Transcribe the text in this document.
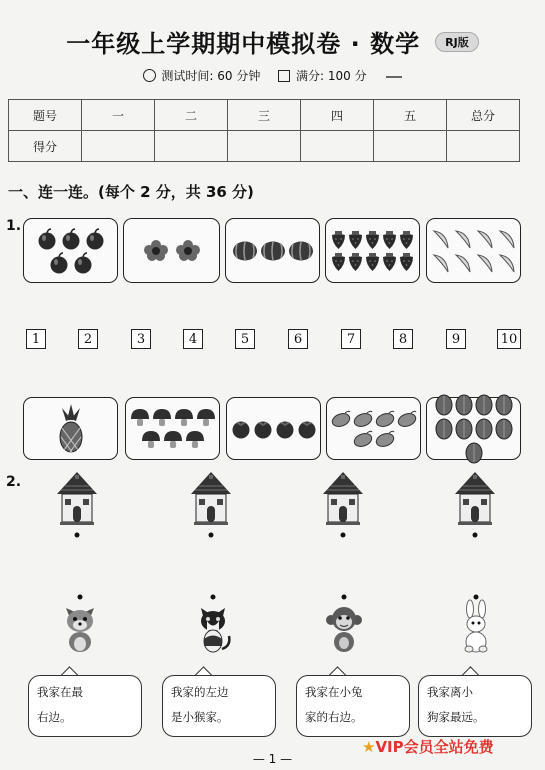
一年级上学期期中模拟卷 · 数学 RJ版
测试时间: 60 分钟	满分: 100 分
题号	一	二	三	四	五	总分
得分						
一、连一连。(每个 2 分，共 36 分)
1.
2.
1	2	3	4	5	6	7	8	9	10
我家在最
右边。
我家的左边
是小猴家。
我家在小兔
家的右边。
我家离小
狗家最远。
— 1 —
★VIP会员全站免费
